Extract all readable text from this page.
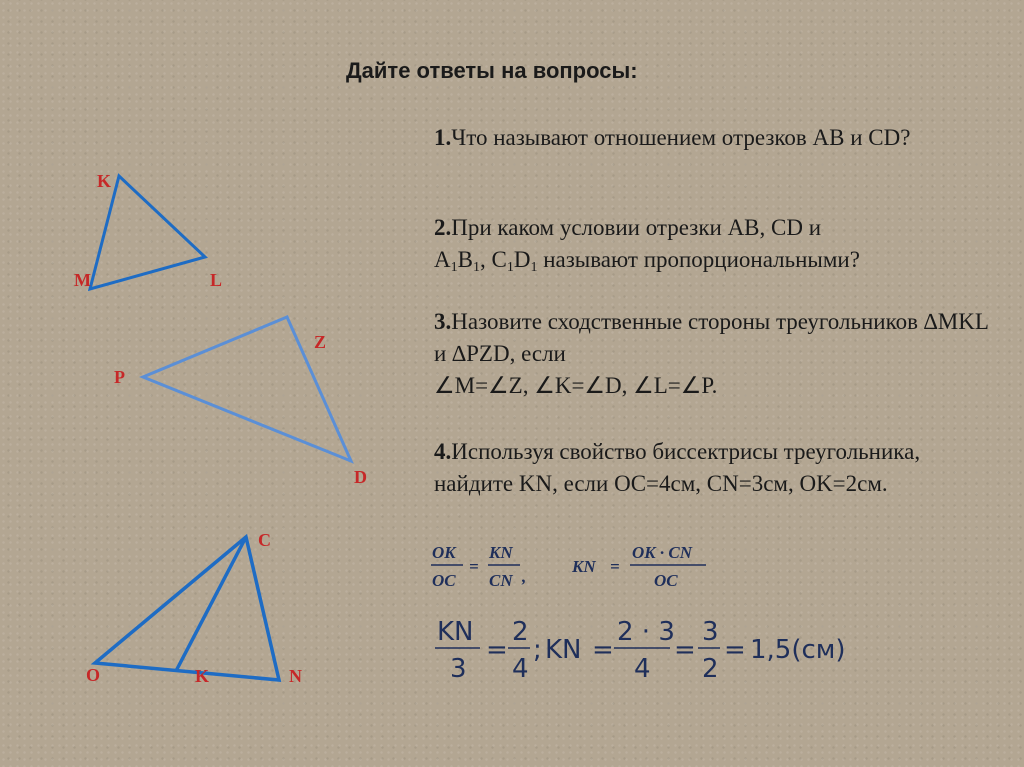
Дайте ответы на вопросы:
1.Что называют отношением отрезков AB и CD?
2.При каком условии отрезки AB, CD и
$A_1B_1$, $C_1D_1$ называют пропорциональными?
3.Назовите сходственные стороны треугольников ∆MKL и ∆PZD, если
∠M=∠Z, ∠K=∠D, ∠L=∠P.
4.Используя свойство биссектрисы треугольника, найдите KN, если OC=4см, CN=3см, OK=2см.
K
M	L
Z
P
D
C
O	K	N
OK
OC
=
KN
CN ,
KN =
OK · CN
OC
KN
3
=
2
4
; KN =
2 · 3
4
=
3
2
= 1,5(см)
